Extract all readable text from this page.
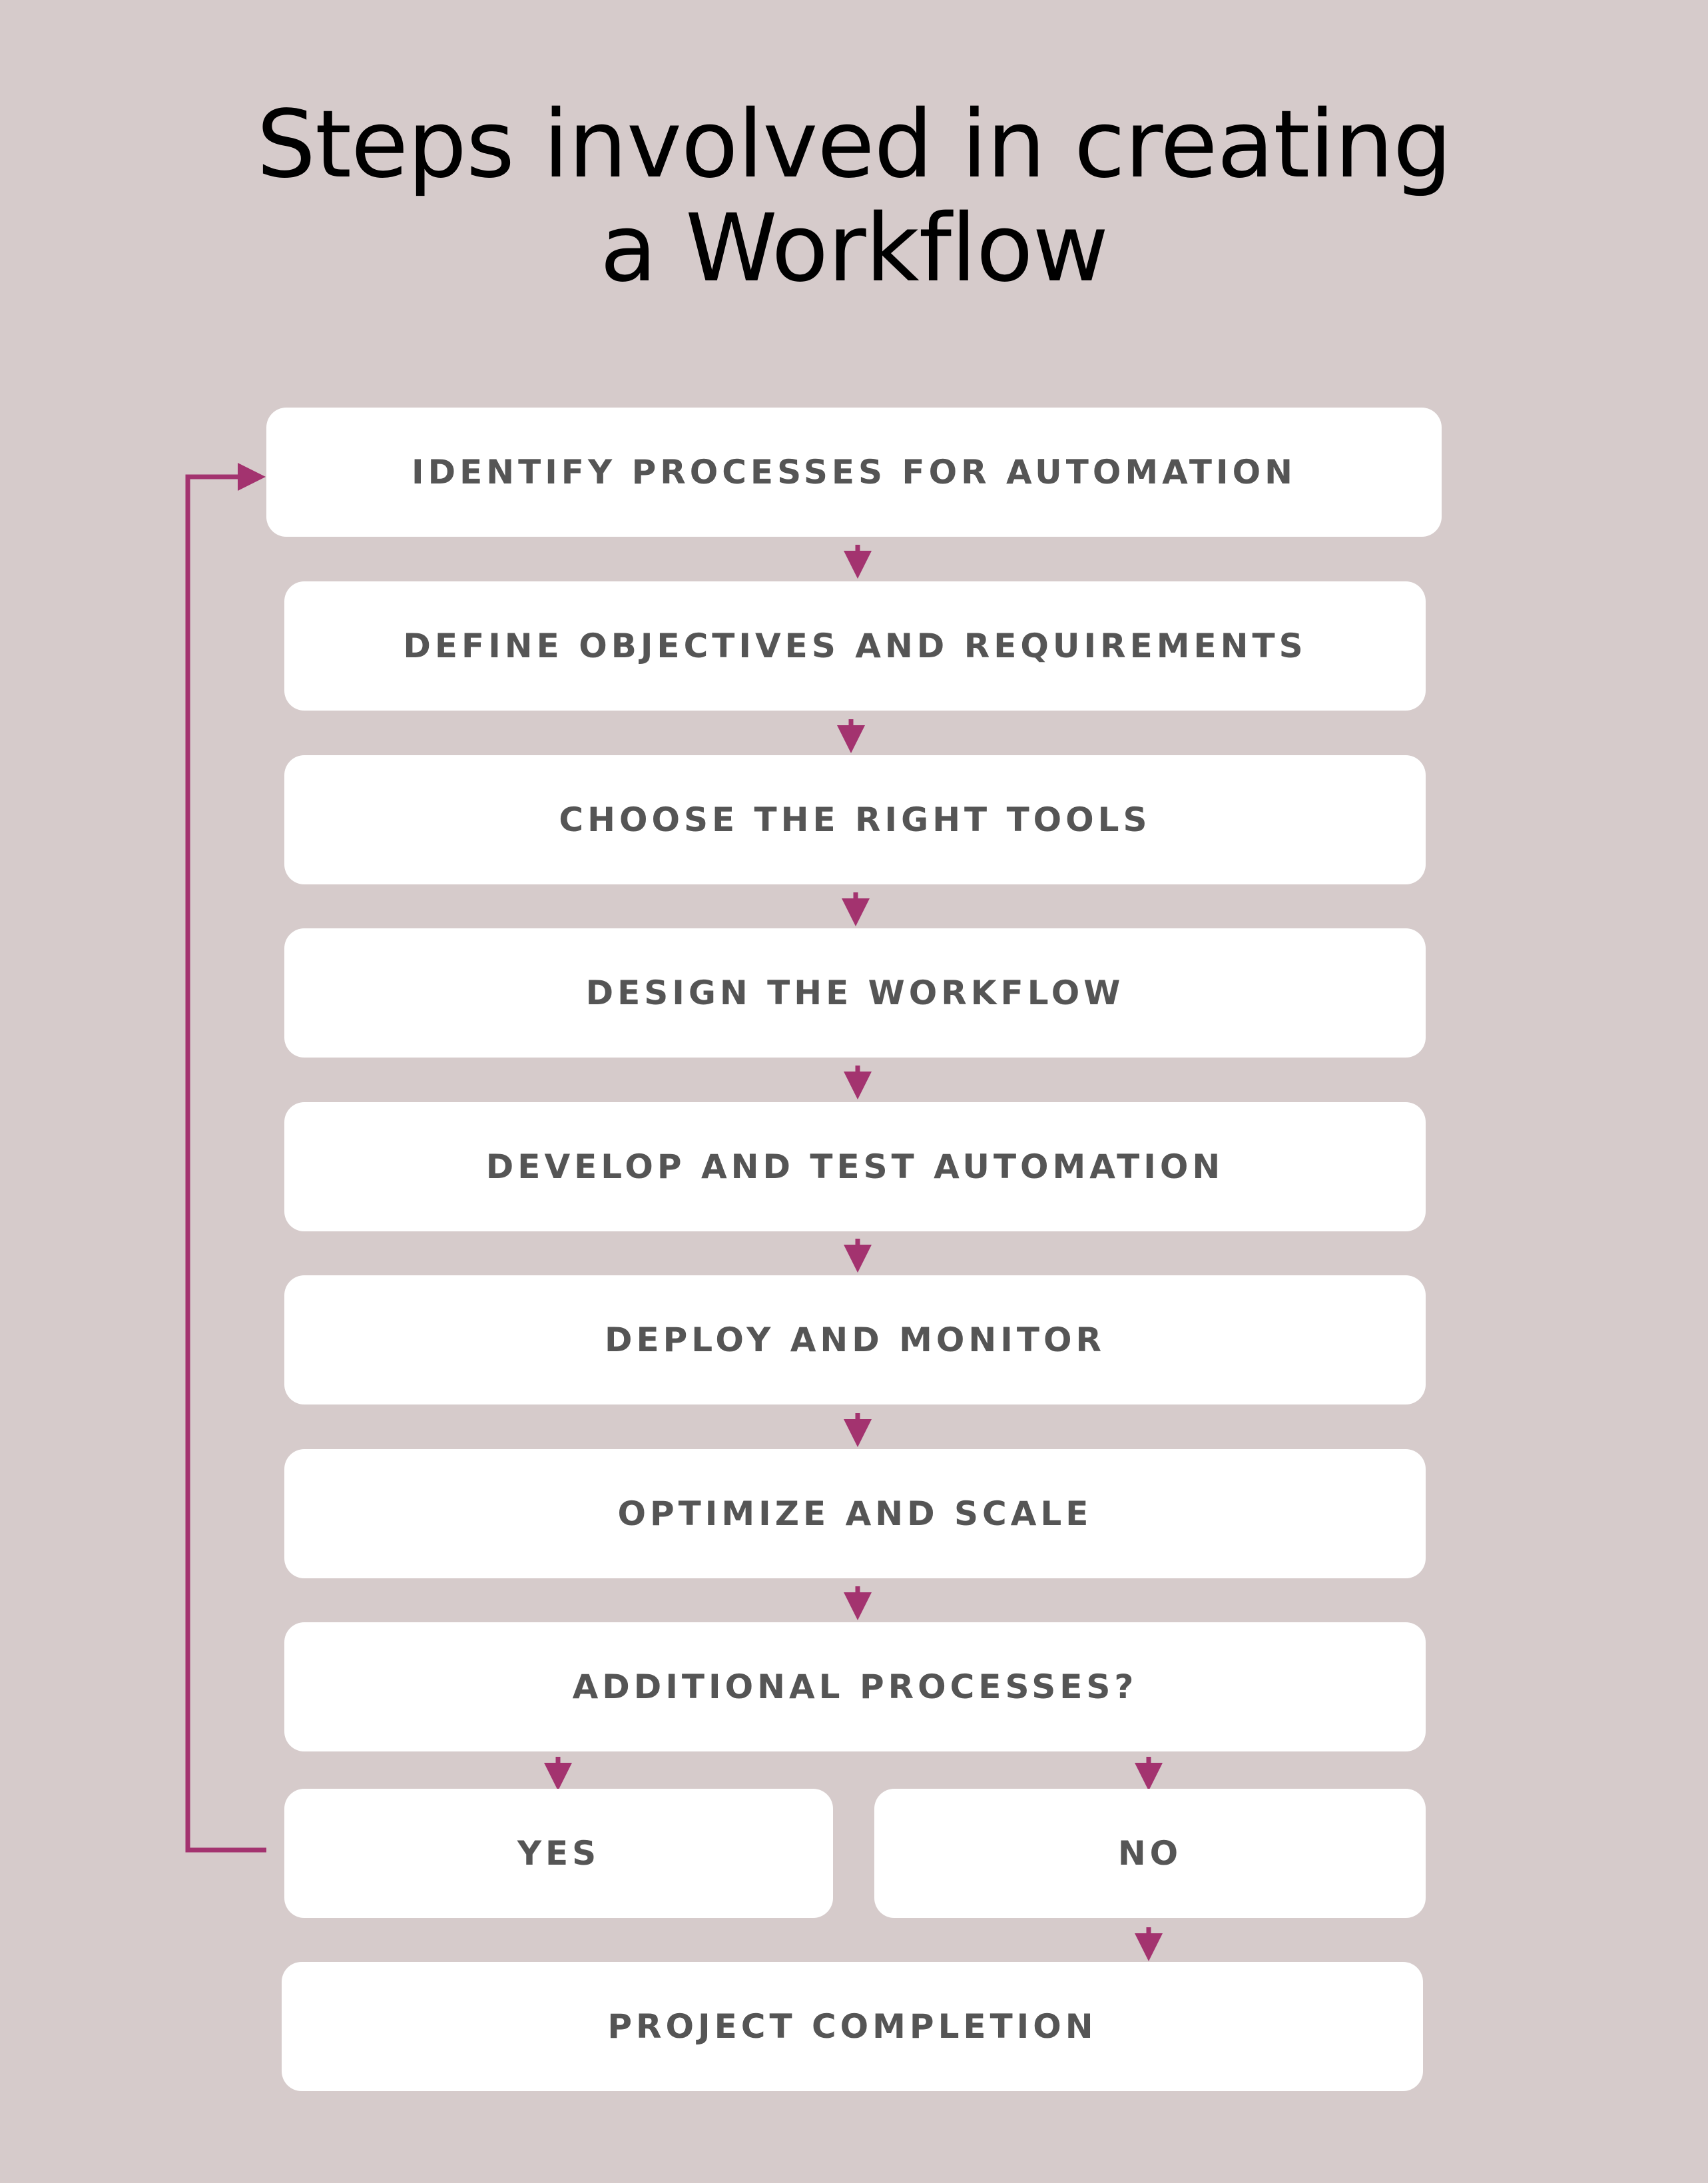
Steps involved in creating
a Workflow
IDENTIFY PROCESSES FOR AUTOMATION
DEFINE OBJECTIVES AND REQUIREMENTS
CHOOSE THE RIGHT TOOLS
DESIGN THE WORKFLOW
DEVELOP AND TEST AUTOMATION
DEPLOY AND MONITOR
OPTIMIZE AND SCALE
ADDITIONAL PROCESSES?
YES	NO
PROJECT COMPLETION
